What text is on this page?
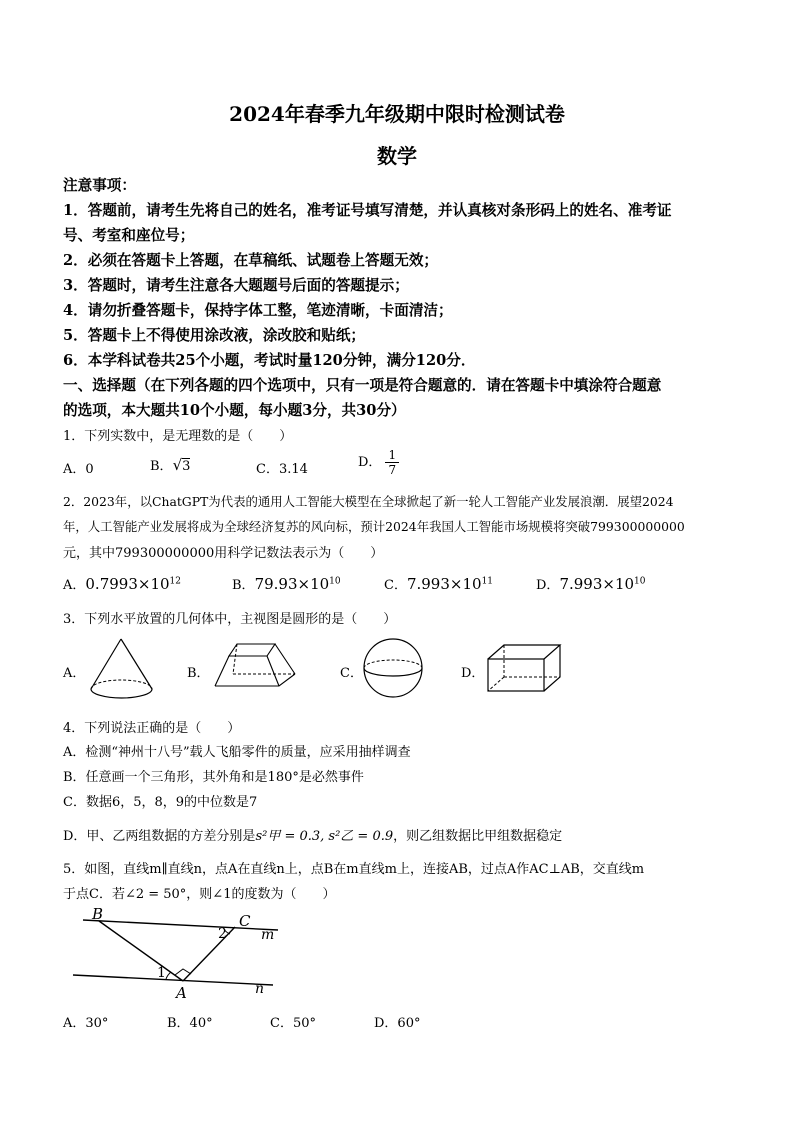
2024年春季九年级期中限时检测试卷
数学
注意事项：
1．答题前，请考生先将自己的姓名，准考证号填写清楚，并认真核对条形码上的姓名、准考证
号、考室和座位号；
2．必须在答题卡上答题，在草稿纸、试题卷上答题无效；
3．答题时，请考生注意各大题题号后面的答题提示；
4．请勿折叠答题卡，保持字体工整，笔迹清晰，卡面清洁；
5．答题卡上不得使用涂改液，涂改胶和贴纸；
6．本学科试卷共25个小题，考试时量120分钟，满分120分．
一、选择题（在下列各题的四个选项中，只有一项是符合题意的．请在答题卡中填涂符合题意
的选项，本大题共10个小题，每小题3分，共30分）
1．下列实数中，是无理数的是（　　）
A．0	B．√3	C．3.14	D． $\frac{1}{7}$
2．2023年，以ChatGPT为代表的通用人工智能大模型在全球掀起了新一轮人工智能产业发展浪潮．展望2024
年，人工智能产业发展将成为全球经济复苏的风向标，预计2024年我国人工智能市场规模将突破799300000000
元，其中799300000000用科学记数法表示为（　　）
A．$0.7993\times 10^{12}$	B．$79.93\times 10^{10}$	C．$7.993\times 10^{11}$	D．$7.993\times 10^{10}$
3．下列水平放置的几何体中，主视图是圆形的是（　　）
A．	B．	C．	D．
4．下列说法正确的是（　　）
A．检测“神州十八号”载人飞船零件的质量，应采用抽样调查
B．任意画一个三角形，其外角和是180°是必然事件
C．数据6，5，8，9的中位数是7
D．甲、乙两组数据的方差分别是s²甲 = 0.3, s²乙 = 0.9，则乙组数据比甲组数据稳定
5．如图，直线m∥直线n，点A在直线n上，点B在m直线m上，连接AB，过点A作AC⊥AB，交直线m
于点C．若∠2 = 50°，则∠1的度数为（　　）
B	C
m
2
1
A	n
A．30°	B．40°	C．50°	D．60°
